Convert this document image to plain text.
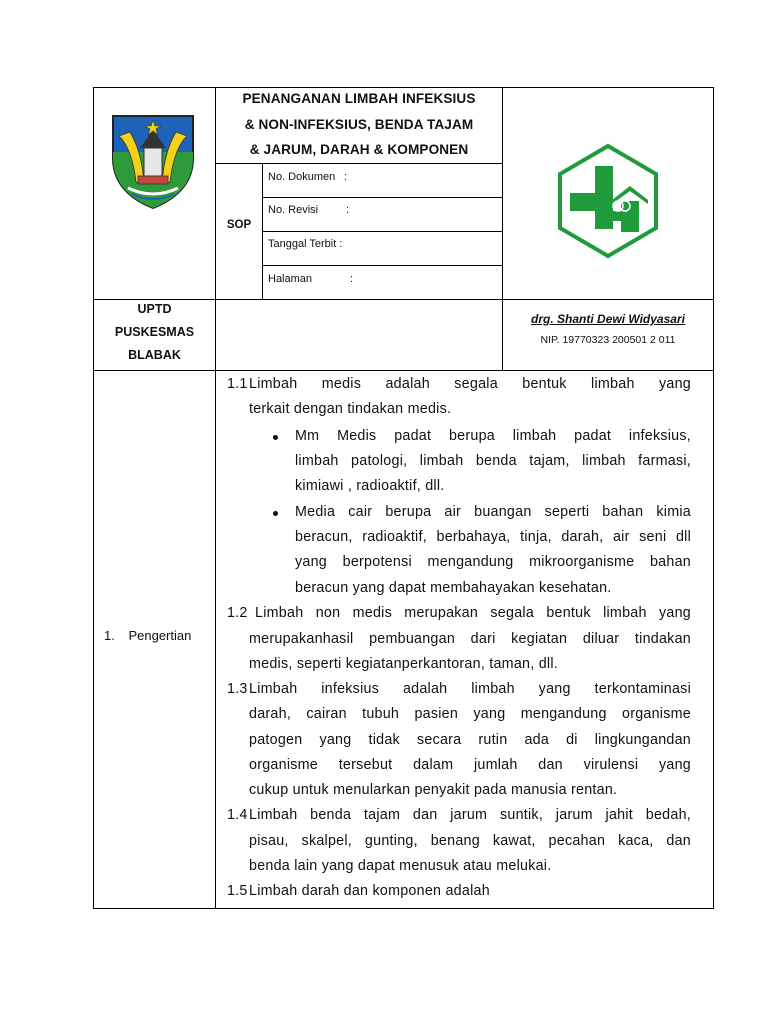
PENANGANAN LIMBAH INFEKSIUS
& NON-INFEKSIUS, BENDA TAJAM
& JARUM, DARAH & KOMPONEN
SOP
No. Dokumen :
No. Revisi	:
Tanggal Terbit :
Halaman	:
UPTD
PUSKESMAS
BLABAK
drg. Shanti Dewi Widyasari
NIP. 19770323 200501 2 011
1. Pengertian
1.1 Limbah medis adalah segala bentuk limbah yang
terkait dengan tindakan medis.
Mm Medis padat berupa limbah padat infeksius,
limbah patologi, limbah benda tajam, limbah farmasi,
kimiawi , radioaktif, dll.
Media cair berupa air buangan seperti bahan kimia
beracun, radioaktif, berbahaya, tinja, darah, air seni dll
yang berpotensi mengandung mikroorganisme bahan
beracun yang dapat membahayakan kesehatan.
1.2 Limbah non medis merupakan segala bentuk limbah yang
merupakanhasil pembuangan dari kegiatan diluar tindakan
medis, seperti kegiatanperkantoran, taman, dll.
1.3 Limbah infeksius adalah limbah yang terkontaminasi
darah, cairan tubuh pasien yang mengandung organisme
patogen yang tidak secara rutin ada di lingkungandan
organisme tersebut dalam jumlah dan virulensi yang
cukup untuk menularkan penyakit pada manusia rentan.
1.4 Limbah benda tajam dan jarum suntik, jarum jahit bedah,
pisau, skalpel, gunting, benang kawat, pecahan kaca, dan
benda lain yang dapat menusuk atau melukai.
1.5 Limbah darah dan komponen adalah
